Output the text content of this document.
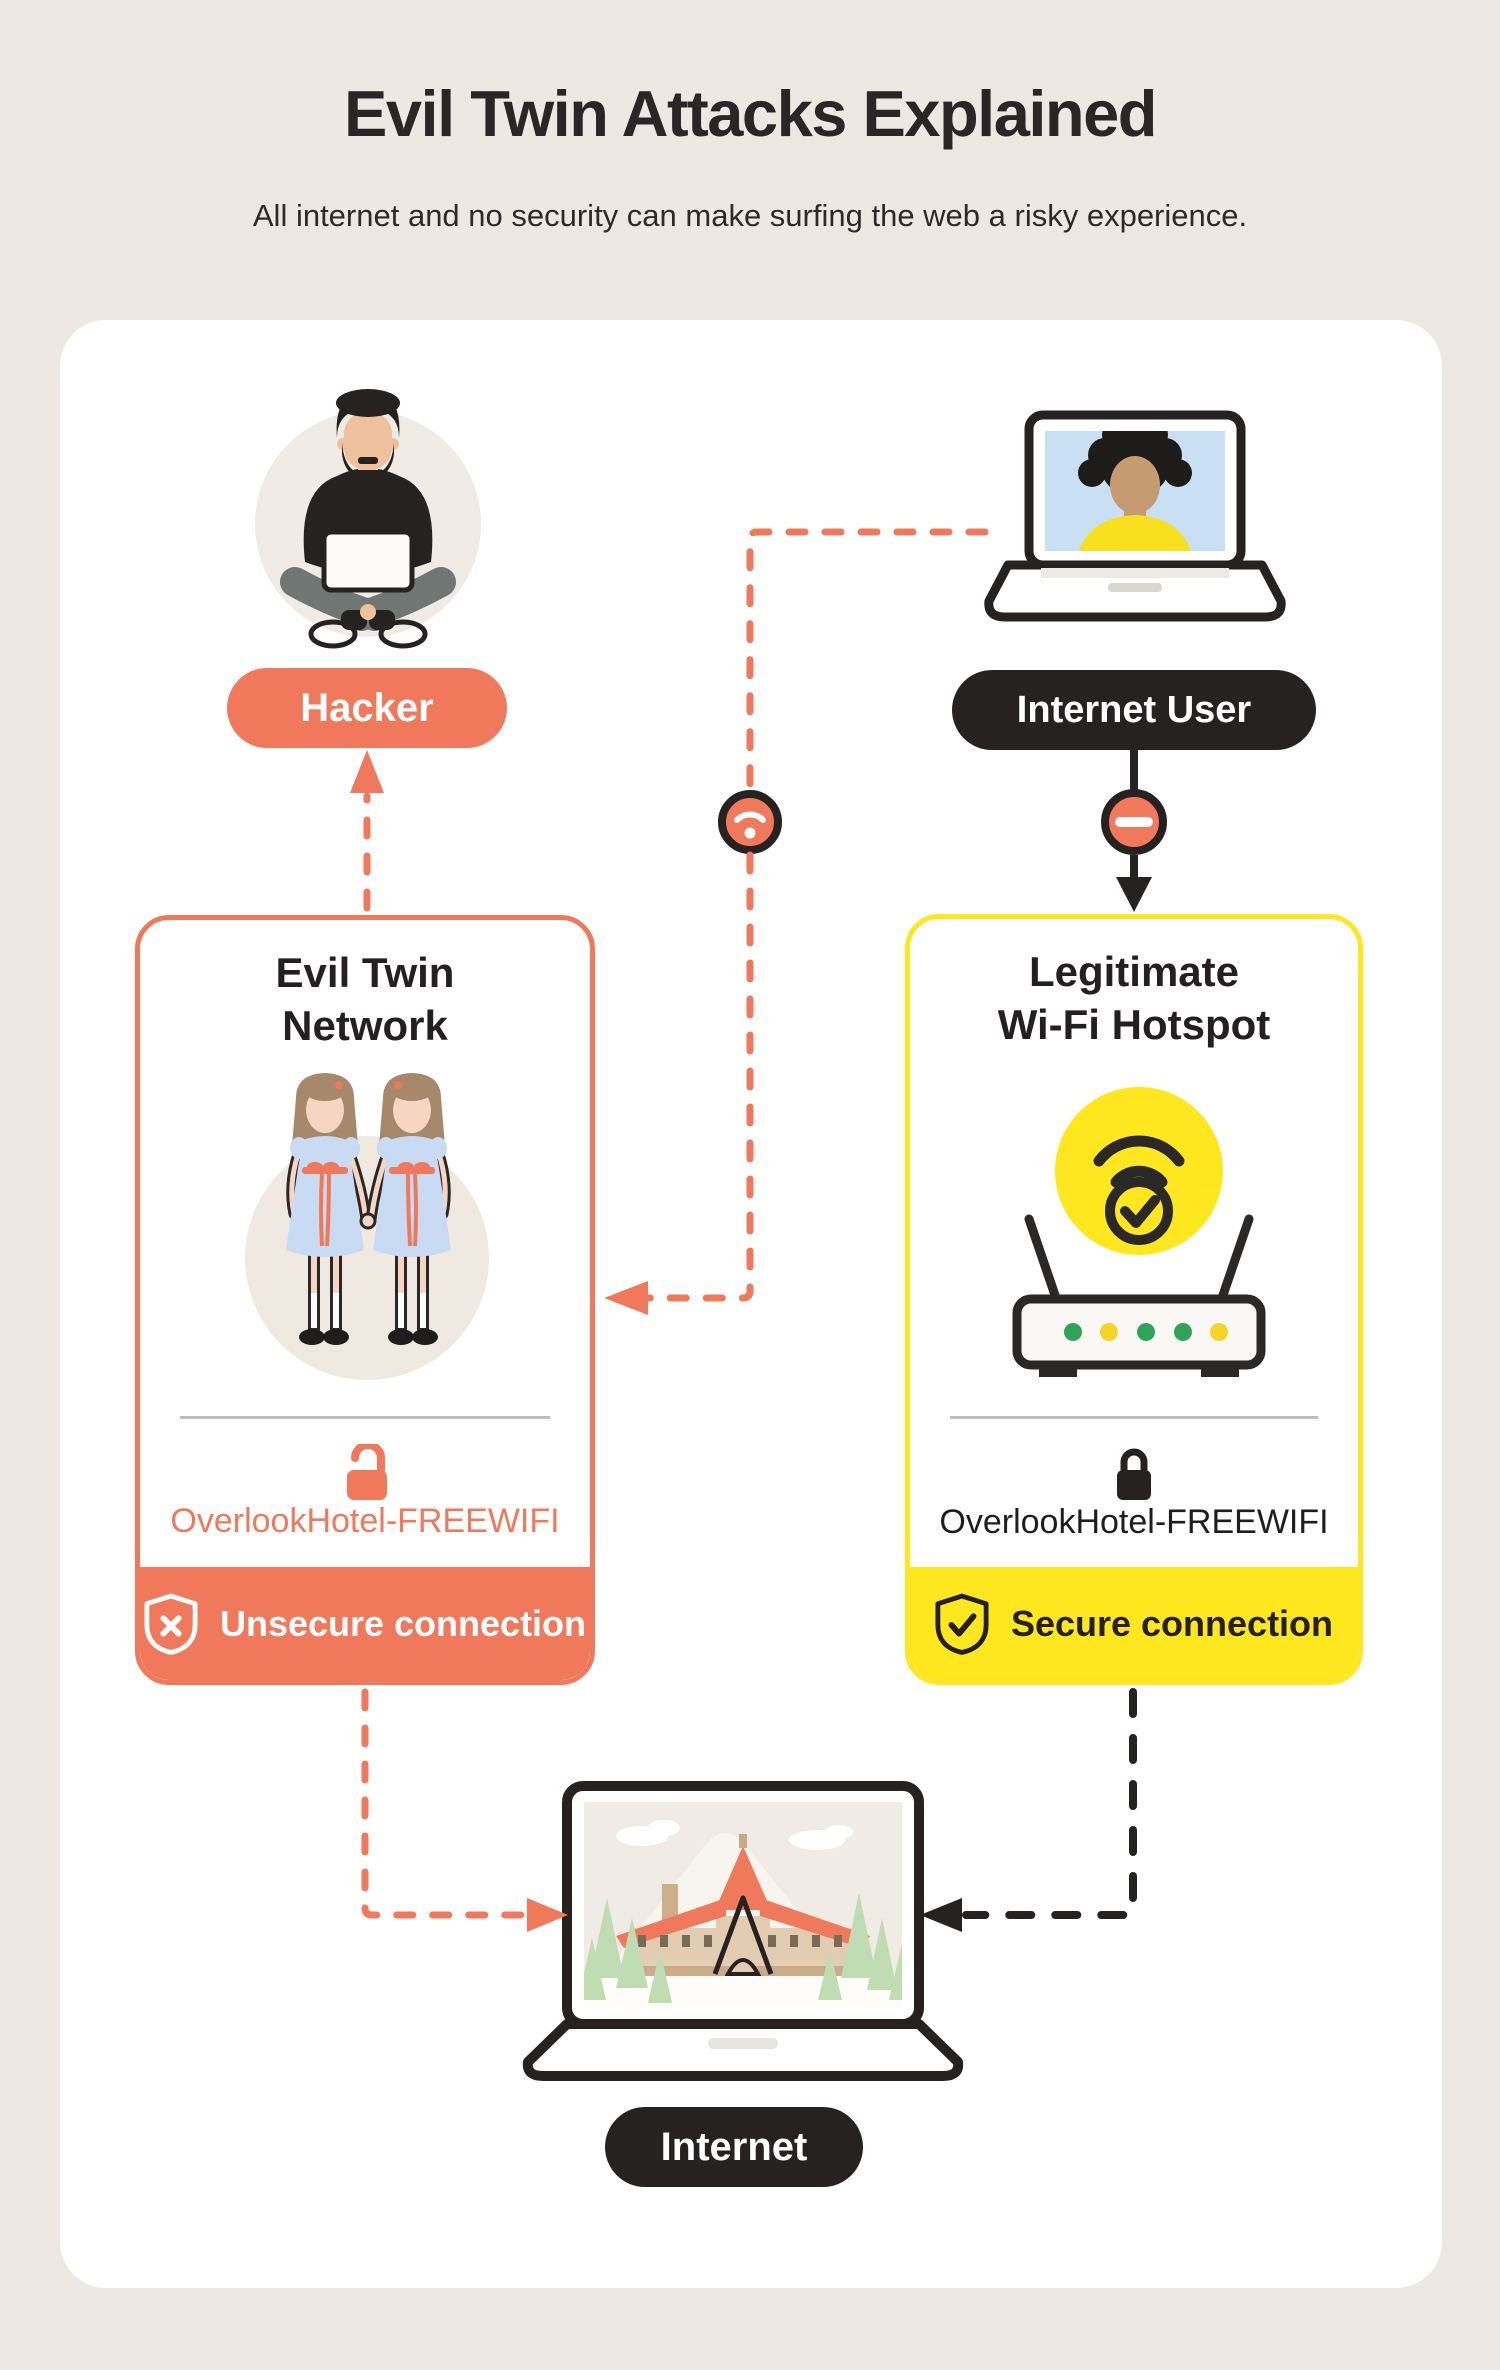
Evil Twin Attacks Explained

All internet and no security can make surfing the web a risky experience.

Hacker	Internet User
Evil Twin
Network
OverlookHotel-FREEWIFI
Unsecure connection
Legitimate
Wi-Fi Hotspot
OverlookHotel-FREEWIFI
Secure connection
Internet
